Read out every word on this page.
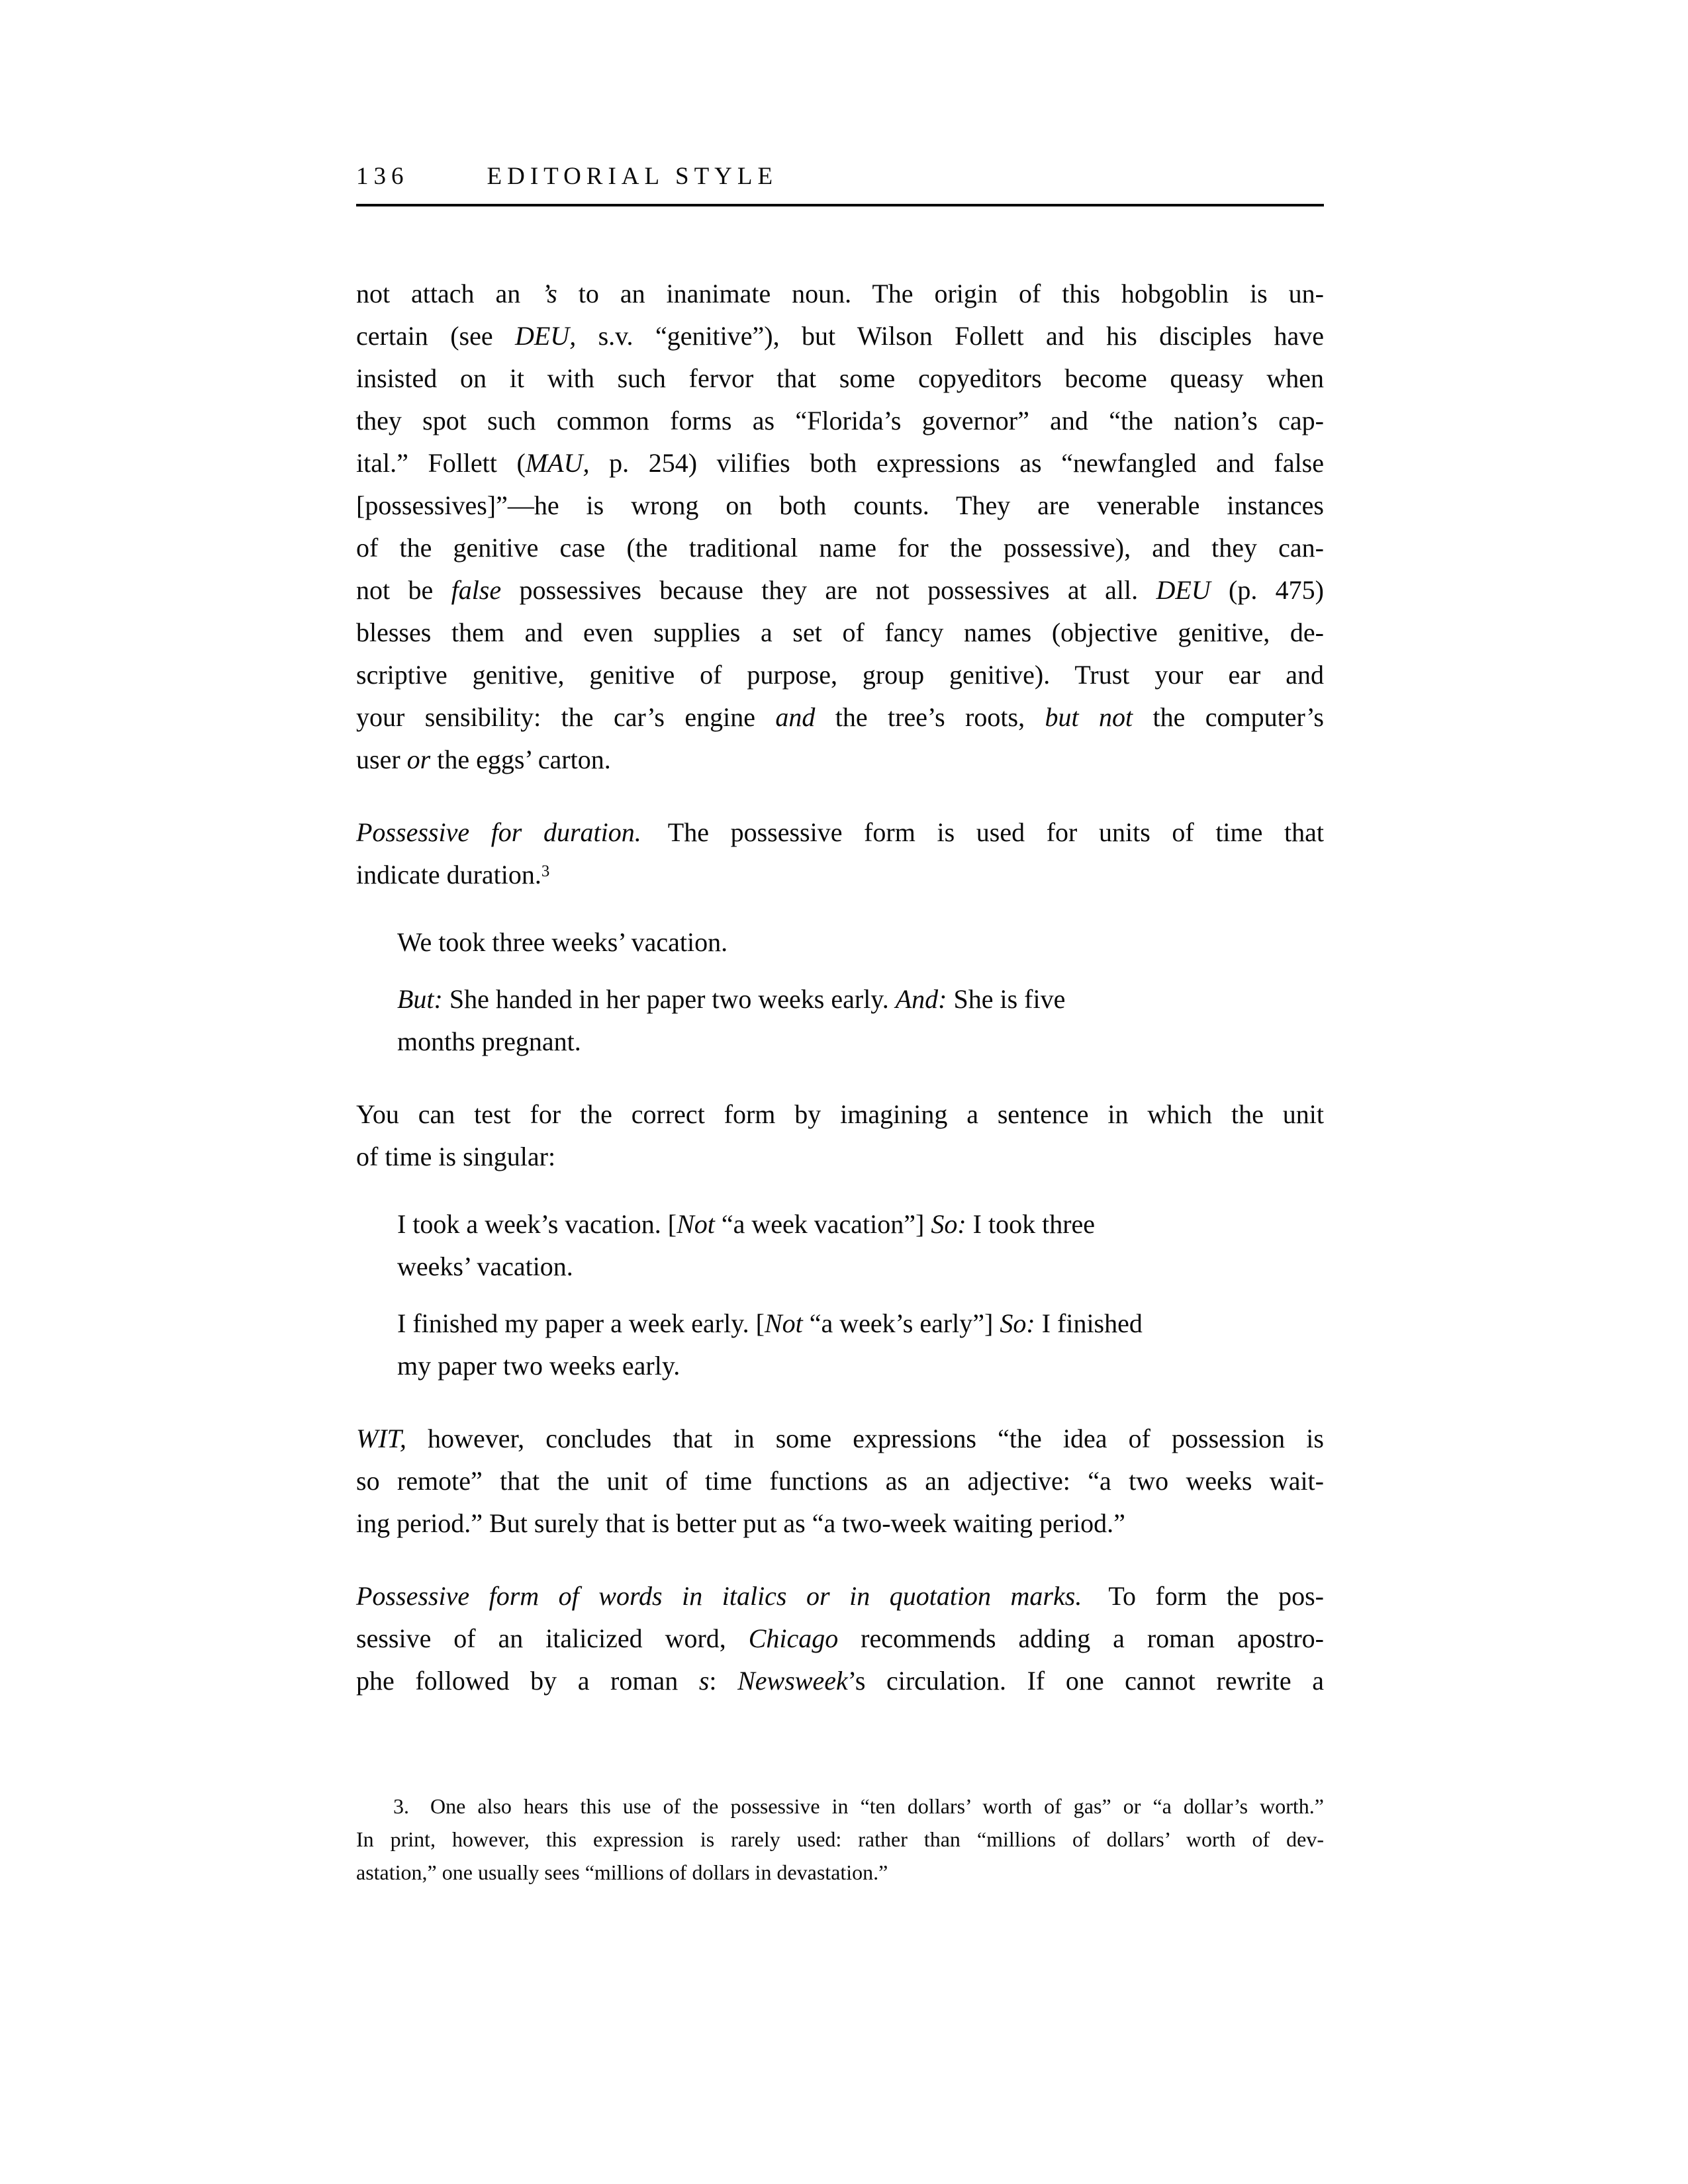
136	EDITORIAL STYLE
not attach an ’s to an inanimate noun. The origin of this hobgoblin is un-
certain (see DEU, s.v. “genitive”), but Wilson Follett and his disciples have
insisted on it with such fervor that some copyeditors become queasy when
they spot such common forms as “Florida’s governor” and “the nation’s cap-
ital.” Follett (MAU, p. 254) vilifies both expressions as “newfangled and false
[possessives]”—he is wrong on both counts. They are venerable instances
of the genitive case (the traditional name for the possessive), and they can-
not be false possessives because they are not possessives at all. DEU (p. 475)
blesses them and even supplies a set of fancy names (objective genitive, de-
scriptive genitive, genitive of purpose, group genitive). Trust your ear and
your sensibility: the car’s engine and the tree’s roots, but not the computer’s
user or the eggs’ carton.
Possessive for duration. The possessive form is used for units of time that
indicate duration.$^3$
We took three weeks’ vacation.
But: She handed in her paper two weeks early. And: She is five
months pregnant.
You can test for the correct form by imagining a sentence in which the unit
of time is singular:
I took a week’s vacation. [Not “a week vacation”] So: I took three
weeks’ vacation.
I finished my paper a week early. [Not “a week’s early”] So: I finished
my paper two weeks early.
WIT, however, concludes that in some expressions “the idea of possession is
so remote” that the unit of time functions as an adjective: “a two weeks wait-
ing period.” But surely that is better put as “a two-week waiting period.”
Possessive form of words in italics or in quotation marks. To form the pos-
sessive of an italicized word, Chicago recommends adding a roman apostro-
phe followed by a roman s: Newsweek’s circulation. If one cannot rewrite a
3. One also hears this use of the possessive in “ten dollars’ worth of gas” or “a dollar’s worth.”
In print, however, this expression is rarely used: rather than “millions of dollars’ worth of dev-
astation,” one usually sees “millions of dollars in devastation.”
